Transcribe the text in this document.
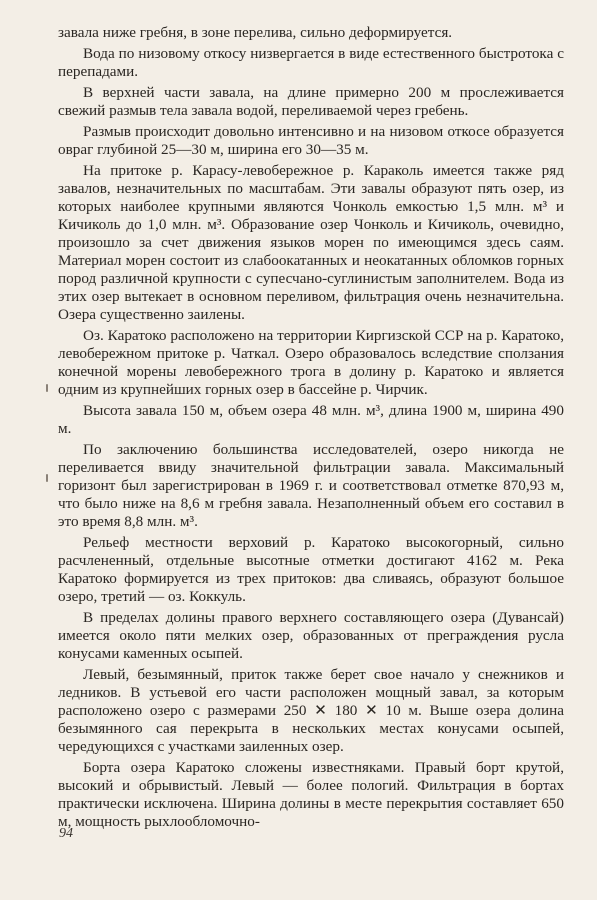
завала ниже гребня, в зоне перелива, сильно деформируется.

Вода по низовому откосу низвергается в виде естественного быстротока с перепадами.

В верхней части завала, на длине примерно 200 м прослеживается свежий размыв тела завала водой, переливаемой через гребень.

Размыв происходит довольно интенсивно и на низовом откосе образуется овраг глубиной 25—30 м, ширина его 30—35 м.

На притоке р. Карасу-левобережное р. Караколь имеется также ряд завалов, незначительных по масштабам. Эти завалы образуют пять озер, из которых наиболее крупными являются Чонколь емкостью 1,5 млн. м³ и Кичиколь до 1,0 млн. м³. Образование озер Чонколь и Кичиколь, очевидно, произошло за счет движения языков морен по имеющимся здесь саям. Материал морен состоит из слабоокатанных и неокатанных обломков горных пород различной крупности с супесчано-суглинистым заполнителем. Вода из этих озер вытекает в основном переливом, фильтрация очень незначительна. Озера существенно заилены.

Оз. Каратоко расположено на территории Киргизской ССР на р. Каратоко, левобережном притоке р. Чаткал. Озеро образовалось вследствие сползания конечной морены левобережного трога в долину р. Каратоко и является одним из крупнейших горных озер в бассейне р. Чирчик.

Высота завала 150 м, объем озера 48 млн. м³, длина 1900 м, ширина 490 м.

По заключению большинства исследователей, озеро никогда не переливается ввиду значительной фильтрации завала. Максимальный горизонт был зарегистрирован в 1969 г. и соответствовал отметке 870,93 м, что было ниже на 8,6 м гребня завала. Незаполненный объем его составил в это время 8,8 млн. м³.

Рельеф местности верховий р. Каратоко высокогорный, сильно расчлененный, отдельные высотные отметки достигают 4162 м. Река Каратоко формируется из трех притоков: два сливаясь, образуют большое озеро, третий — оз. Коккуль.

В пределах долины правого верхнего составляющего озера (Дувансай) имеется около пяти мелких озер, образованных от преграждения русла конусами каменных осыпей.

Левый, безымянный, приток также берет свое начало у снежников и ледников. В устьевой его части расположен мощный завал, за которым расположено озеро с размерами 250 ✕ 180 ✕ 10 м. Выше озера долина безымянного сая перекрыта в нескольких местах конусами осыпей, чередующихся с участками заиленных озер.

Борта озера Каратоко сложены известняками. Правый борт крутой, высокий и обрывистый. Левый — более пологий. Фильтрация в бортах практически исключена. Ширина долины в месте перекрытия составляет 650 м, мощность рыхлообломочно-

94
